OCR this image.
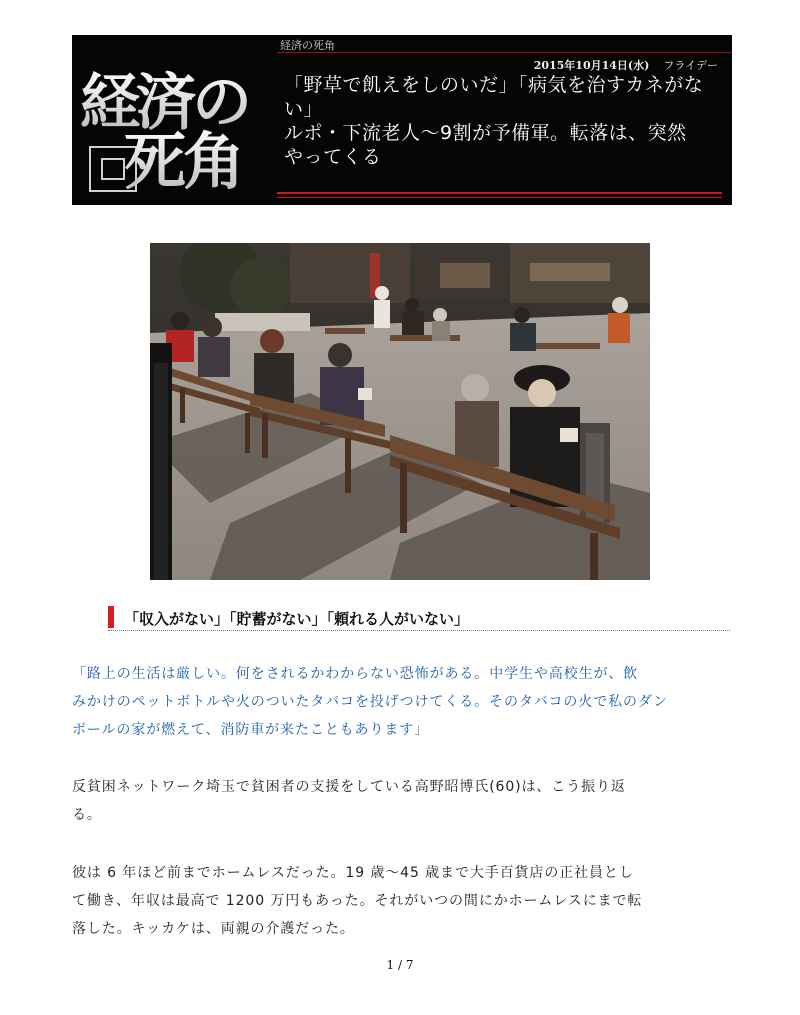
経済の
死角
経済の死角
2015年10月14日(水) フライデー
「野草で飢えをしのいだ」「病気を治すカネがな
い」
ルポ・下流老人～9割が予備軍。転落は、突然
やってくる
「収入がない」「貯蓄がない」「頼れる人がいない」
「路上の生活は厳しい。何をされるかわからない恐怖がある。中学生や高校生が、飲
みかけのペットボトルや火のついたタバコを投げつけてくる。そのタバコの火で私のダン
ボールの家が燃えて、消防車が来たこともあります」
反貧困ネットワーク埼玉で貧困者の支援をしている高野昭博氏(60)は、こう振り返
る。
彼は 6 年ほど前までホームレスだった。19 歳～45 歳まで大手百貨店の正社員とし
て働き、年収は最高で 1200 万円もあった。それがいつの間にかホームレスにまで転
落した。キッカケは、両親の介護だった。
1 / 7
